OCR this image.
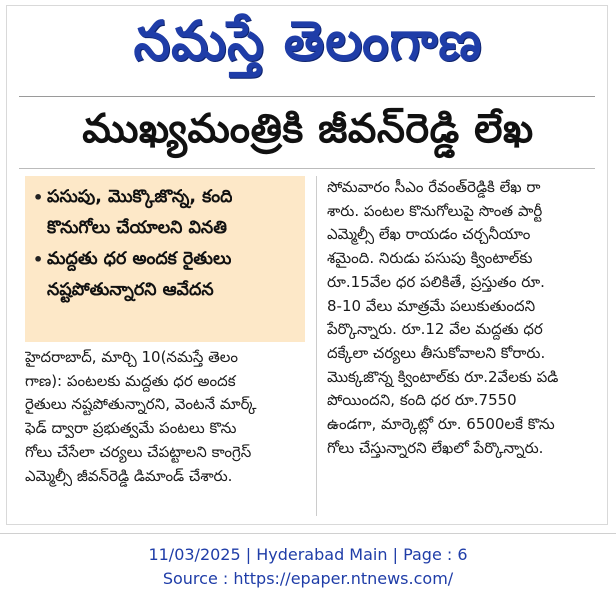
నమస్తే తెలంగాణ
ముఖ్యమంత్రికి జీవన్‌రెడ్డి లేఖ
• పసుపు, మొక్కొజొన్న, కంది
కొనుగోలు చేయాలని వినతి
• మద్దతు ధర అందక రైతులు
నష్టపోతున్నారని ఆవేదన
హైదరాబాద్, మార్చి 10(నమస్తే తెలం
గాణ): పంటలకు మద్దతు ధర అందక
రైతులు నష్టపోతున్నారని, వెంటనే మార్క్
ఫెడ్ ద్వారా ప్రభుత్వమే పంటలు కొను
గోలు చేసేలా చర్యలు చేపట్టాలని కాంగ్రెస్
ఎమ్మెల్సీ జీవన్‌రెడ్డి డిమాండ్ చేశారు.
సోమవారం సీఎం రేవంత్‌రెడ్డికి లేఖ రా
శారు. పంటల కొనుగోలుపై సొంత పార్టీ
ఎమ్మెల్సీ లేఖ రాయడం చర్చనీయాం
శమైంది. నిరుడు పసుపు క్వింటాల్‌కు
రూ.15వేల ధర పలికితే, ప్రస్తుతం రూ.
8-10 వేలు మాత్రమే పలుకుతుందని
పేర్కొన్నారు. రూ.12 వేల మద్దతు ధర
దక్కేలా చర్యలు తీసుకోవాలని కోరారు.
మొక్కజొన్న క్వింటాల్‌కు రూ.2వేలకు పడి
పోయిందని, కంది ధర రూ.7550
ఉండగా, మార్కెట్లో రూ. 6500లకే కొను
గోలు చేస్తున్నారని లేఖలో పేర్కొన్నారు.
11/03/2025 | Hyderabad Main | Page : 6
Source : https://epaper.ntnews.com/
